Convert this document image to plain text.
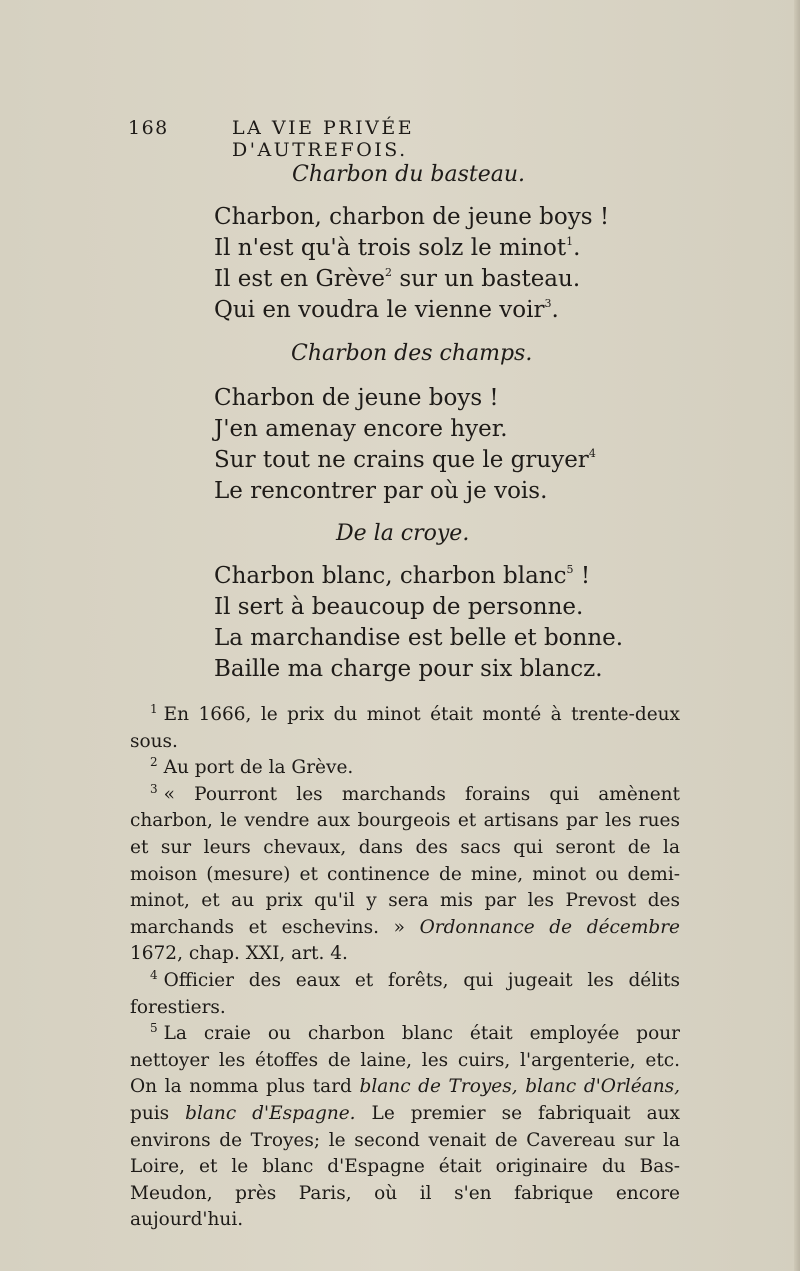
168	LA VIE PRIVÉE D'AUTREFOIS.
Charbon du basteau.
Charbon, charbon de jeune boys !
Il n'est qu'à trois solz le minot$^1$.
Il est en Grève$^2$ sur un basteau.
Qui en voudra le vienne voir$^3$.
Charbon des champs.
Charbon de jeune boys !
J'en amenay encore hyer.
Sur tout ne crains que le gruyer$^4$
Le rencontrer par où je vois.
De la croye.
Charbon blanc, charbon blanc$^5$ !
Il sert à beaucoup de personne.
La marchandise est belle et bonne.
Baille ma charge pour six blancz.

$^1$ En 1666, le prix du minot était monté à trente-deux sous.

$^2$ Au port de la Grève.

$^3$ « Pourront les marchands forains qui amènent charbon, le vendre aux bourgeois et artisans par les rues et sur leurs chevaux, dans des sacs qui seront de la moison (mesure) et continence de mine, minot ou demi-minot, et au prix qu'il y sera mis par les Prevost des marchands et eschevins. » Ordonnance de décembre 1672, chap. XXI, art. 4.

$^4$ Officier des eaux et forêts, qui jugeait les délits forestiers.

$^5$ La craie ou charbon blanc était employée pour nettoyer les étoffes de laine, les cuirs, l'argenterie, etc. On la nomma plus tard blanc de Troyes, blanc d'Orléans, puis blanc d'Espagne. Le premier se fabriquait aux environs de Troyes; le second venait de Cavereau sur la Loire, et le blanc d'Espagne était originaire du Bas-Meudon, près Paris, où il s'en fabrique encore aujourd'hui.
